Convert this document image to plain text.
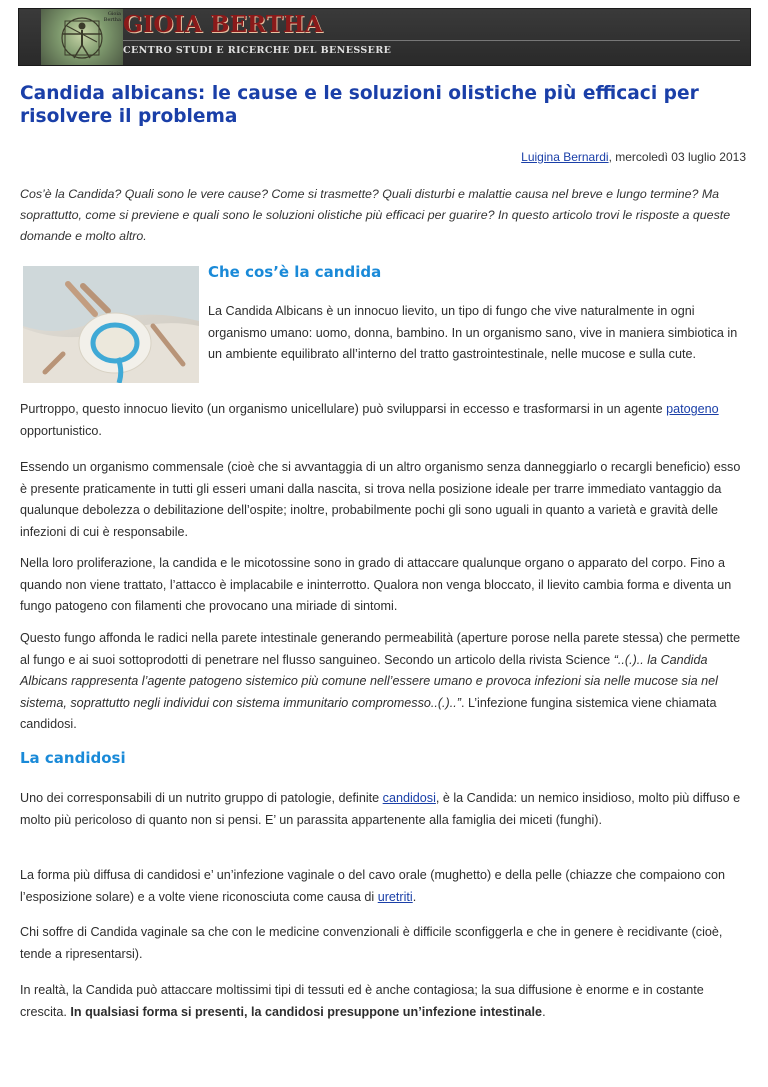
Gioia
Bertha GIOIA BERTHA
CENTRO STUDI E RICERCHE DEL BENESSERE
Candida albicans: le cause e le soluzioni olistiche più efficaci per risolvere il problema
Luigina Bernardi, mercoledì 03 luglio 2013
Cos’è la Candida? Quali sono le vere cause? Come si trasmette? Quali disturbi e malattie causa nel breve e lungo termine? Ma soprattutto, come si previene e quali sono le soluzioni olistiche più efficaci per guarire? In questo articolo trovi le risposte a queste domande e molto altro.
Che cos’è la candida

La Candida Albicans è un innocuo lievito, un tipo di fungo che vive naturalmente in ogni organismo umano: uomo, donna, bambino. In un organismo sano, vive in maniera simbiotica in un ambiente equilibrato all’interno del tratto gastrointestinale, nelle mucose e sulla cute.

Purtroppo, questo innocuo lievito (un organismo unicellulare) può svilupparsi in eccesso e trasformarsi in un agente patogeno opportunistico.

Essendo un organismo commensale (cioè che si avvantaggia di un altro organismo senza danneggiarlo o recargli beneficio) esso è presente praticamente in tutti gli esseri umani dalla nascita, si trova nella posizione ideale per trarre immediato vantaggio da qualunque debolezza o debilitazione dell’ospite; inoltre, probabilmente pochi gli sono uguali in quanto a varietà e gravità delle infezioni di cui è responsabile.

Nella loro proliferazione, la candida e le micotossine sono in grado di attaccare qualunque organo o apparato del corpo. Fino a quando non viene trattato, l’attacco è implacabile e ininterrotto. Qualora non venga bloccato, il lievito cambia forma e diventa un fungo patogeno con filamenti che provocano una miriade di sintomi.

Questo fungo affonda le radici nella parete intestinale generando permeabilità (aperture porose nella parete stessa) che permette al fungo e ai suoi sottoprodotti di penetrare nel flusso sanguineo. Secondo un articolo della rivista Science “..(.).. la Candida Albicans rappresenta l’agente patogeno sistemico più comune nell’essere umano e provoca infezioni sia nelle mucose sia nel sistema, soprattutto negli individui con sistema immunitario compromesso..(.)..”. L’infezione fungina sistemica viene chiamata candidosi.

La candidosi

Uno dei corresponsabili di un nutrito gruppo di patologie, definite candidosi, è la Candida: un nemico insidioso, molto più diffuso e molto più pericoloso di quanto non si pensi. E’ un parassita appartenente alla famiglia dei miceti (funghi).

La forma più diffusa di candidosi e’ un’infezione vaginale o del cavo orale (mughetto) e della pelle (chiazze che compaiono con l’esposizione solare) e a volte viene riconosciuta come causa di uretriti.

Chi soffre di Candida vaginale sa che con le medicine convenzionali è difficile sconfiggerla e che in genere è recidivante (cioè, tende a ripresentarsi).

In realtà, la Candida può attaccare moltissimi tipi di tessuti ed è anche contagiosa; la sua diffusione è enorme e in costante crescita. In qualsiasi forma si presenti, la candidosi presuppone un’infezione intestinale.
